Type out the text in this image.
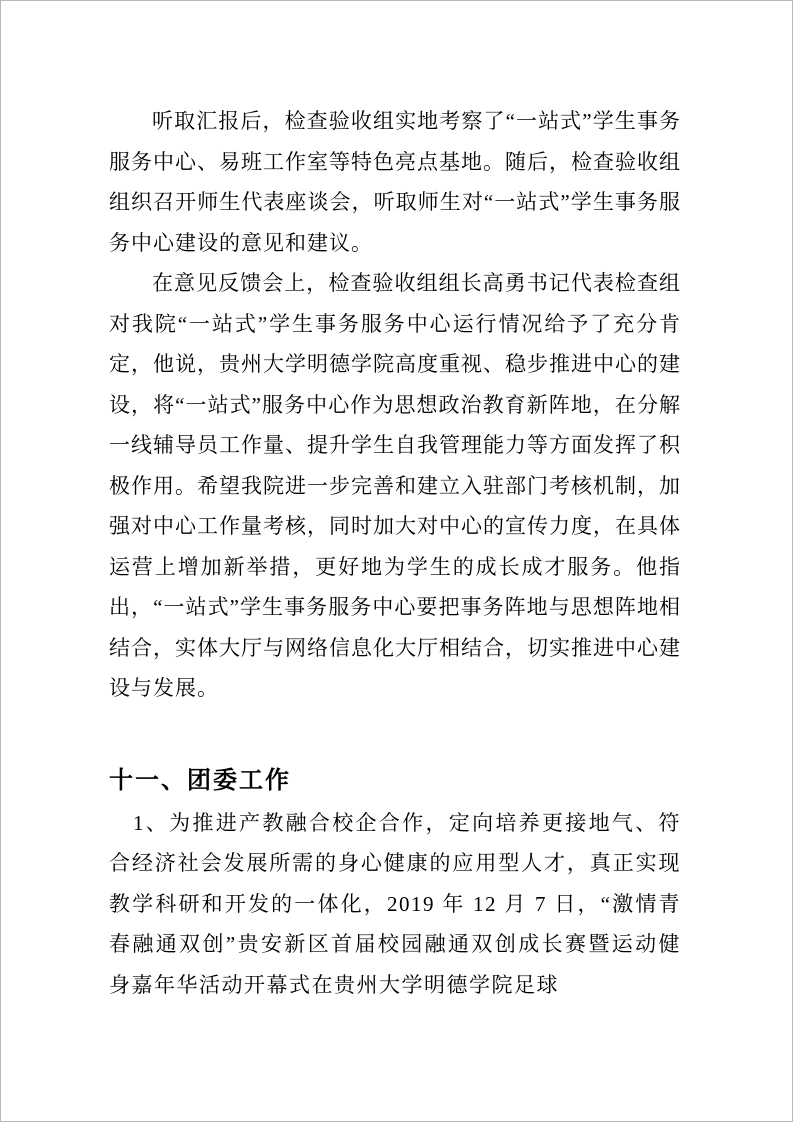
听取汇报后，检查验收组实地考察了“一站式”学生事务服务中心、易班工作室等特色亮点基地。随后，检查验收组组织召开师生代表座谈会，听取师生对“一站式”学生事务服务中心建设的意见和建议。

在意见反馈会上，检查验收组组长高勇书记代表检查组对我院“一站式”学生事务服务中心运行情况给予了充分肯定，他说，贵州大学明德学院高度重视、稳步推进中心的建设，将“一站式”服务中心作为思想政治教育新阵地，在分解一线辅导员工作量、提升学生自我管理能力等方面发挥了积极作用。希望我院进一步完善和建立入驻部门考核机制，加强对中心工作量考核，同时加大对中心的宣传力度，在具体运营上增加新举措，更好地为学生的成长成才服务。他指出，“一站式”学生事务服务中心要把事务阵地与思想阵地相结合，实体大厅与网络信息化大厅相结合，切实推进中心建设与发展。

十一、团委工作

1、为推进产教融合校企合作，定向培养更接地气、符合经济社会发展所需的身心健康的应用型人才，真正实现教学科研和开发的一体化，2019 年 12 月 7 日，“激情青春融通双创”贵安新区首届校园融通双创成长赛暨运动健身嘉年华活动开幕式在贵州大学明德学院足球
